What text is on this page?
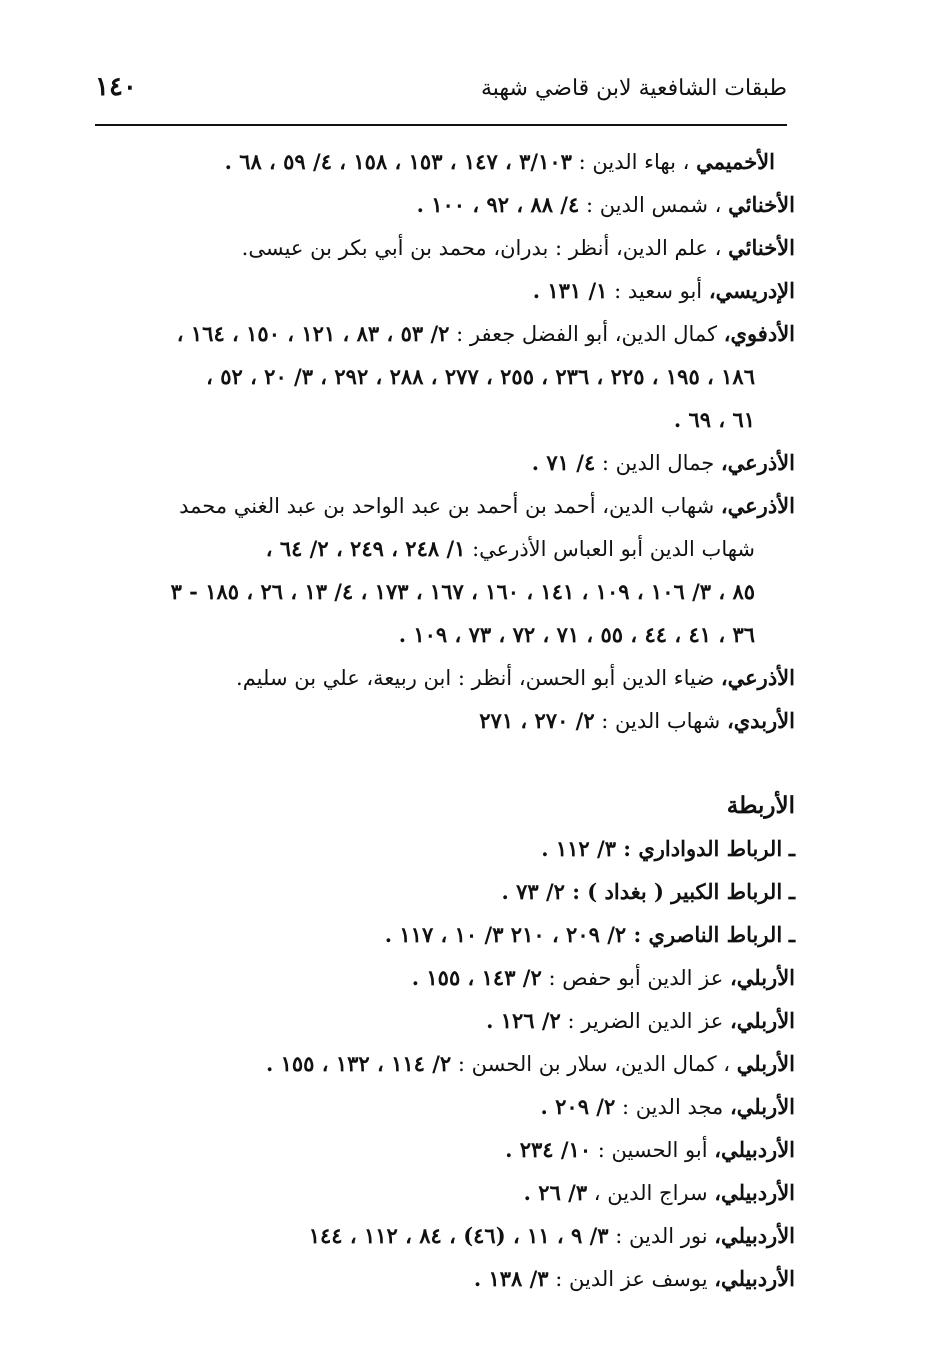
١٤٠	طبقات الشافعية لابن قاضي شهبة
الأخميمي ، بهاء الدين : ٣/١٠٣ ، ١٤٧ ، ١٥٣ ، ١٥٨ ، ٤/ ٥٩ ، ٦٨ .
الأخنائي ، شمس الدين : ٤/ ٨٨ ، ٩٢ ، ١٠٠ .
الأخنائي ، علم الدين، أنظر : بدران، محمد بن أبي بكر بن عيسى.
الإدريسي، أبو سعيد : ١/ ١٣١ .
الأدفوي، كمال الدين، أبو الفضل جعفر : ٢/ ٥٣ ، ٨٣ ، ١٢١ ، ١٥٠ ، ١٦٤ ،
١٨٦ ، ١٩٥ ، ٢٢٥ ، ٢٣٦ ، ٢٥٥ ، ٢٧٧ ، ٢٨٨ ، ٢٩٢ ، ٣/ ٢٠ ، ٥٢ ،
٦١ ، ٦٩ .
الأذرعي، جمال الدين : ٤/ ٧١ .
الأذرعي، شهاب الدين، أحمد بن أحمد بن عبد الواحد بن عبد الغني محمد
شهاب الدين أبو العباس الأذرعي: ١/ ٢٤٨ ، ٢٤٩ ، ٢/ ٦٤ ،
٨٥ ، ٣/ ١٠٦ ، ١٠٩ ، ١٤١ ، ١٦٠ ، ١٦٧ ، ١٧٣ ، ٤/ ١٣ ، ٢٦ ، ١٨٥ - ٣
٣٦ ، ٤١ ، ٤٤ ، ٥٥ ، ٧١ ، ٧٢ ، ٧٣ ، ١٠٩ .
الأذرعي، ضياء الدين أبو الحسن، أنظر : ابن ربيعة، علي بن سليم.
الأربدي، شهاب الدين : ٢/ ٢٧٠ ، ٢٧١
الأربطة
ـ الرباط الدواداري : ٣/ ١١٢ .
ـ الرباط الكبير ( بغداد ) : ٢/ ٧٣ .
ـ الرباط الناصري : ٢/ ٢٠٩ ، ٢١٠ ٣/ ١٠ ، ١١٧ .
الأربلي، عز الدين أبو حفص : ٢/ ١٤٣ ، ١٥٥ .
الأربلي، عز الدين الضرير : ٢/ ١٢٦ .
الأربلي ، كمال الدين، سلار بن الحسن : ٢/ ١١٤ ، ١٣٢ ، ١٥٥ .
الأربلي، مجد الدين : ٢/ ٢٠٩ .
الأردبيلي، أبو الحسين : ١٠/ ٢٣٤ .
الأردبيلي، سراج الدين ، ٣/ ٢٦ .
الأردبيلي، نور الدين : ٣/ ٩ ، ١١ ، (٤٦) ، ٨٤ ، ١١٢ ، ١٤٤
الأردبيلي، يوسف عز الدين : ٣/ ١٣٨ .
